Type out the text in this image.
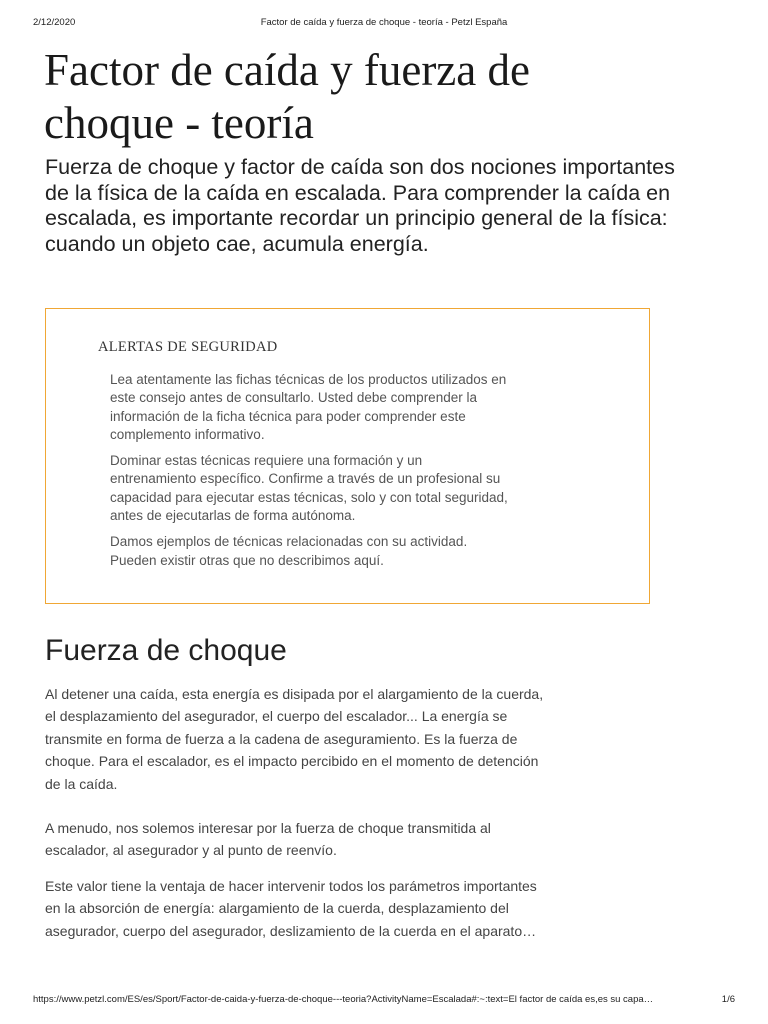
2/12/2020	Factor de caída y fuerza de choque - teoría - Petzl España
Factor de caída y fuerza de choque - teoría

Fuerza de choque y factor de caída son dos nociones importantes de la física de la caída en escalada. Para comprender la caída en escalada, es importante recordar un principio general de la física: cuando un objeto cae, acumula energía.

ALERTAS DE SEGURIDAD

Lea atentamente las fichas técnicas de los productos utilizados en este consejo antes de consultarlo. Usted debe comprender la información de la ficha técnica para poder comprender este complemento informativo.

Dominar estas técnicas requiere una formación y un entrenamiento específico. Confirme a través de un profesional su capacidad para ejecutar estas técnicas, solo y con total seguridad, antes de ejecutarlas de forma autónoma.

Damos ejemplos de técnicas relacionadas con su actividad. Pueden existir otras que no describimos aquí.

Fuerza de choque

Al detener una caída, esta energía es disipada por el alargamiento de la cuerda, el desplazamiento del asegurador, el cuerpo del escalador... La energía se transmite en forma de fuerza a la cadena de aseguramiento. Es la fuerza de choque. Para el escalador, es el impacto percibido en el momento de detención de la caída.

A menudo, nos solemos interesar por la fuerza de choque transmitida al escalador, al asegurador y al punto de reenvío.

Este valor tiene la ventaja de hacer intervenir todos los parámetros importantes en la absorción de energía: alargamiento de la cuerda, desplazamiento del asegurador, cuerpo del asegurador, deslizamiento de la cuerda en el aparato…

https://www.petzl.com/ES/es/Sport/Factor-de-caida-y-fuerza-de-choque---teoria?ActivityName=Escalada#:~:text=El factor de caída es,es su capa…	1/6
